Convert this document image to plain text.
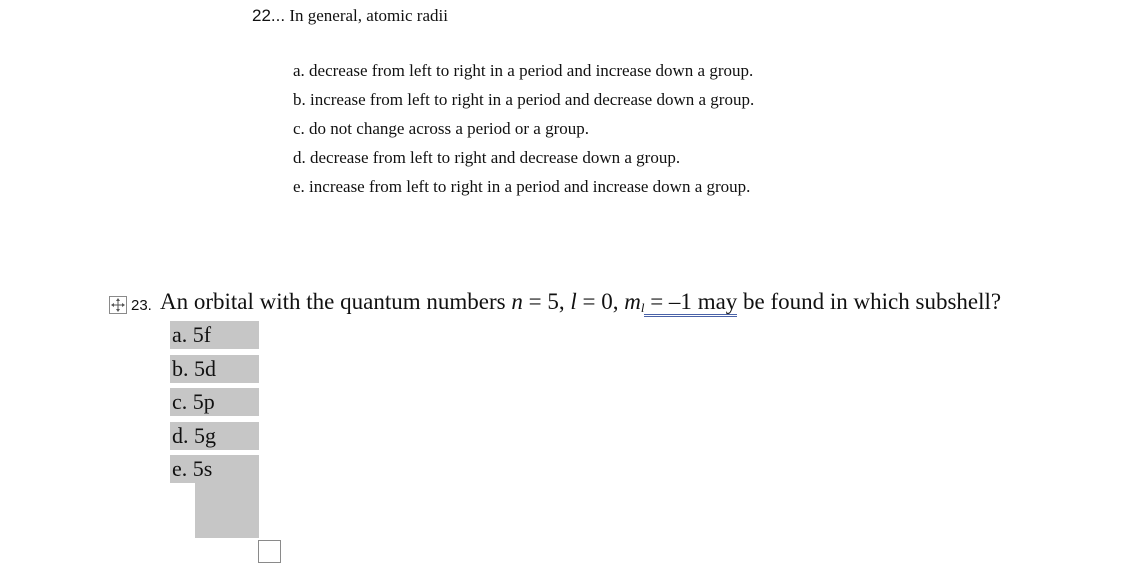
22... In general, atomic radii
a. decrease from left to right in a period and increase down a group.
b. increase from left to right in a period and decrease down a group.
c. do not change across a period or a group.
d. decrease from left to right and decrease down a group.
e. increase from left to right in a period and increase down a group.
23. An orbital with the quantum numbers n = 5, l = 0, $m_l = -1$ may be found in which subshell?
a. 5f
b. 5d
c. 5p
d. 5g
e. 5s
